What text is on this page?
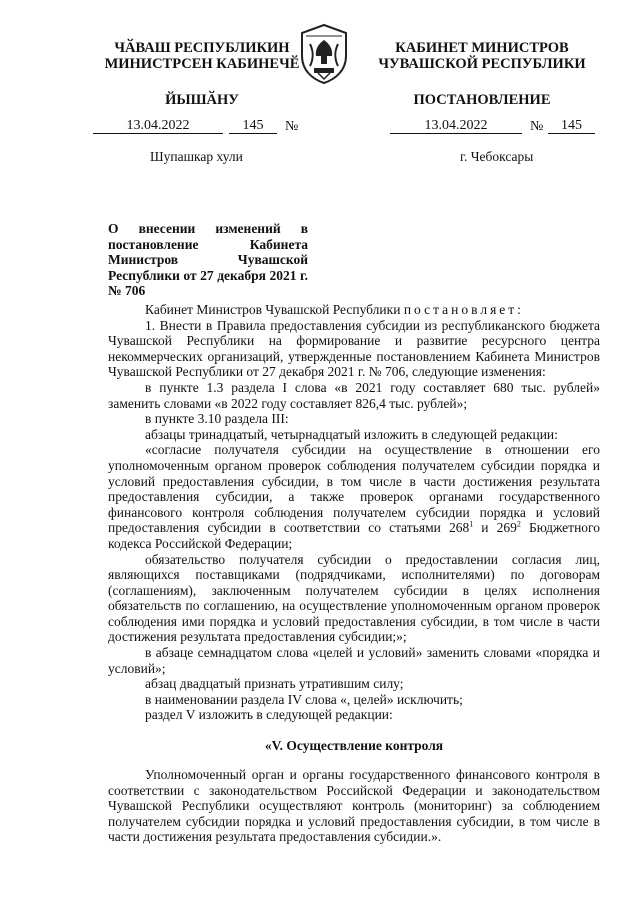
ЧӐВАШ РЕСПУБЛИКИН
МИНИСТРСЕН КАБИНЕЧӖ
ЙЫШӐНУ
КАБИНЕТ МИНИСТРОВ
ЧУВАШСКОЙ РЕСПУБЛИКИ
ПОСТАНОВЛЕНИЕ
13.04.2022	145	№	13.04.2022	№	145
Шупашкар хули	г. Чебоксары
О внесении изменений в постановление Кабинета Министров Чувашской Республики от 27 декабря 2021 г. № 706

Кабинет Министров Чувашской Республики постановляет:

1. Внести в Правила предоставления субсидии из республиканского бюджета Чувашской Республики на формирование и развитие ресурсного центра некоммерческих организаций, утвержденные постановлением Кабинета Министров Чувашской Республики от 27 декабря 2021 г. № 706, следующие изменения:

в пункте 1.3 раздела I слова «в 2021 году составляет 680 тыс. рублей» заменить словами «в 2022 году составляет 826,4 тыс. рублей»;

в пункте 3.10 раздела III:

абзацы тринадцатый, четырнадцатый изложить в следующей редакции:

«согласие получателя субсидии на осуществление в отношении его уполномоченным органом проверок соблюдения получателем субсидии порядка и условий предоставления субсидии, в том числе в части достижения результата предоставления субсидии, а также проверок органами государственного финансового контроля соблюдения получателем субсидии порядка и условий предоставления субсидии в соответствии со статьями $268^1$ и $269^2$ Бюджетного кодекса Российской Федерации;

обязательство получателя субсидии о предоставлении согласия лиц, являющихся поставщиками (подрядчиками, исполнителями) по договорам (соглашениям), заключенным получателем субсидии в целях исполнения обязательств по соглашению, на осуществление уполномоченным органом проверок соблюдения ими порядка и условий предоставления субсидии, в том числе в части достижения результата предоставления субсидии;»;

в абзаце семнадцатом слова «целей и условий» заменить словами «порядка и условий»;

абзац двадцатый признать утратившим силу;

в наименовании раздела IV слова «, целей» исключить;

раздел V изложить в следующей редакции:

«V. Осуществление контроля

Уполномоченный орган и органы государственного финансового контроля в соответствии с законодательством Российской Федерации и законодательством Чувашской Республики осуществляют контроль (мониторинг) за соблюдением получателем субсидии порядка и условий предоставления субсидии, в том числе в части достижения результата предоставления субсидии.».
